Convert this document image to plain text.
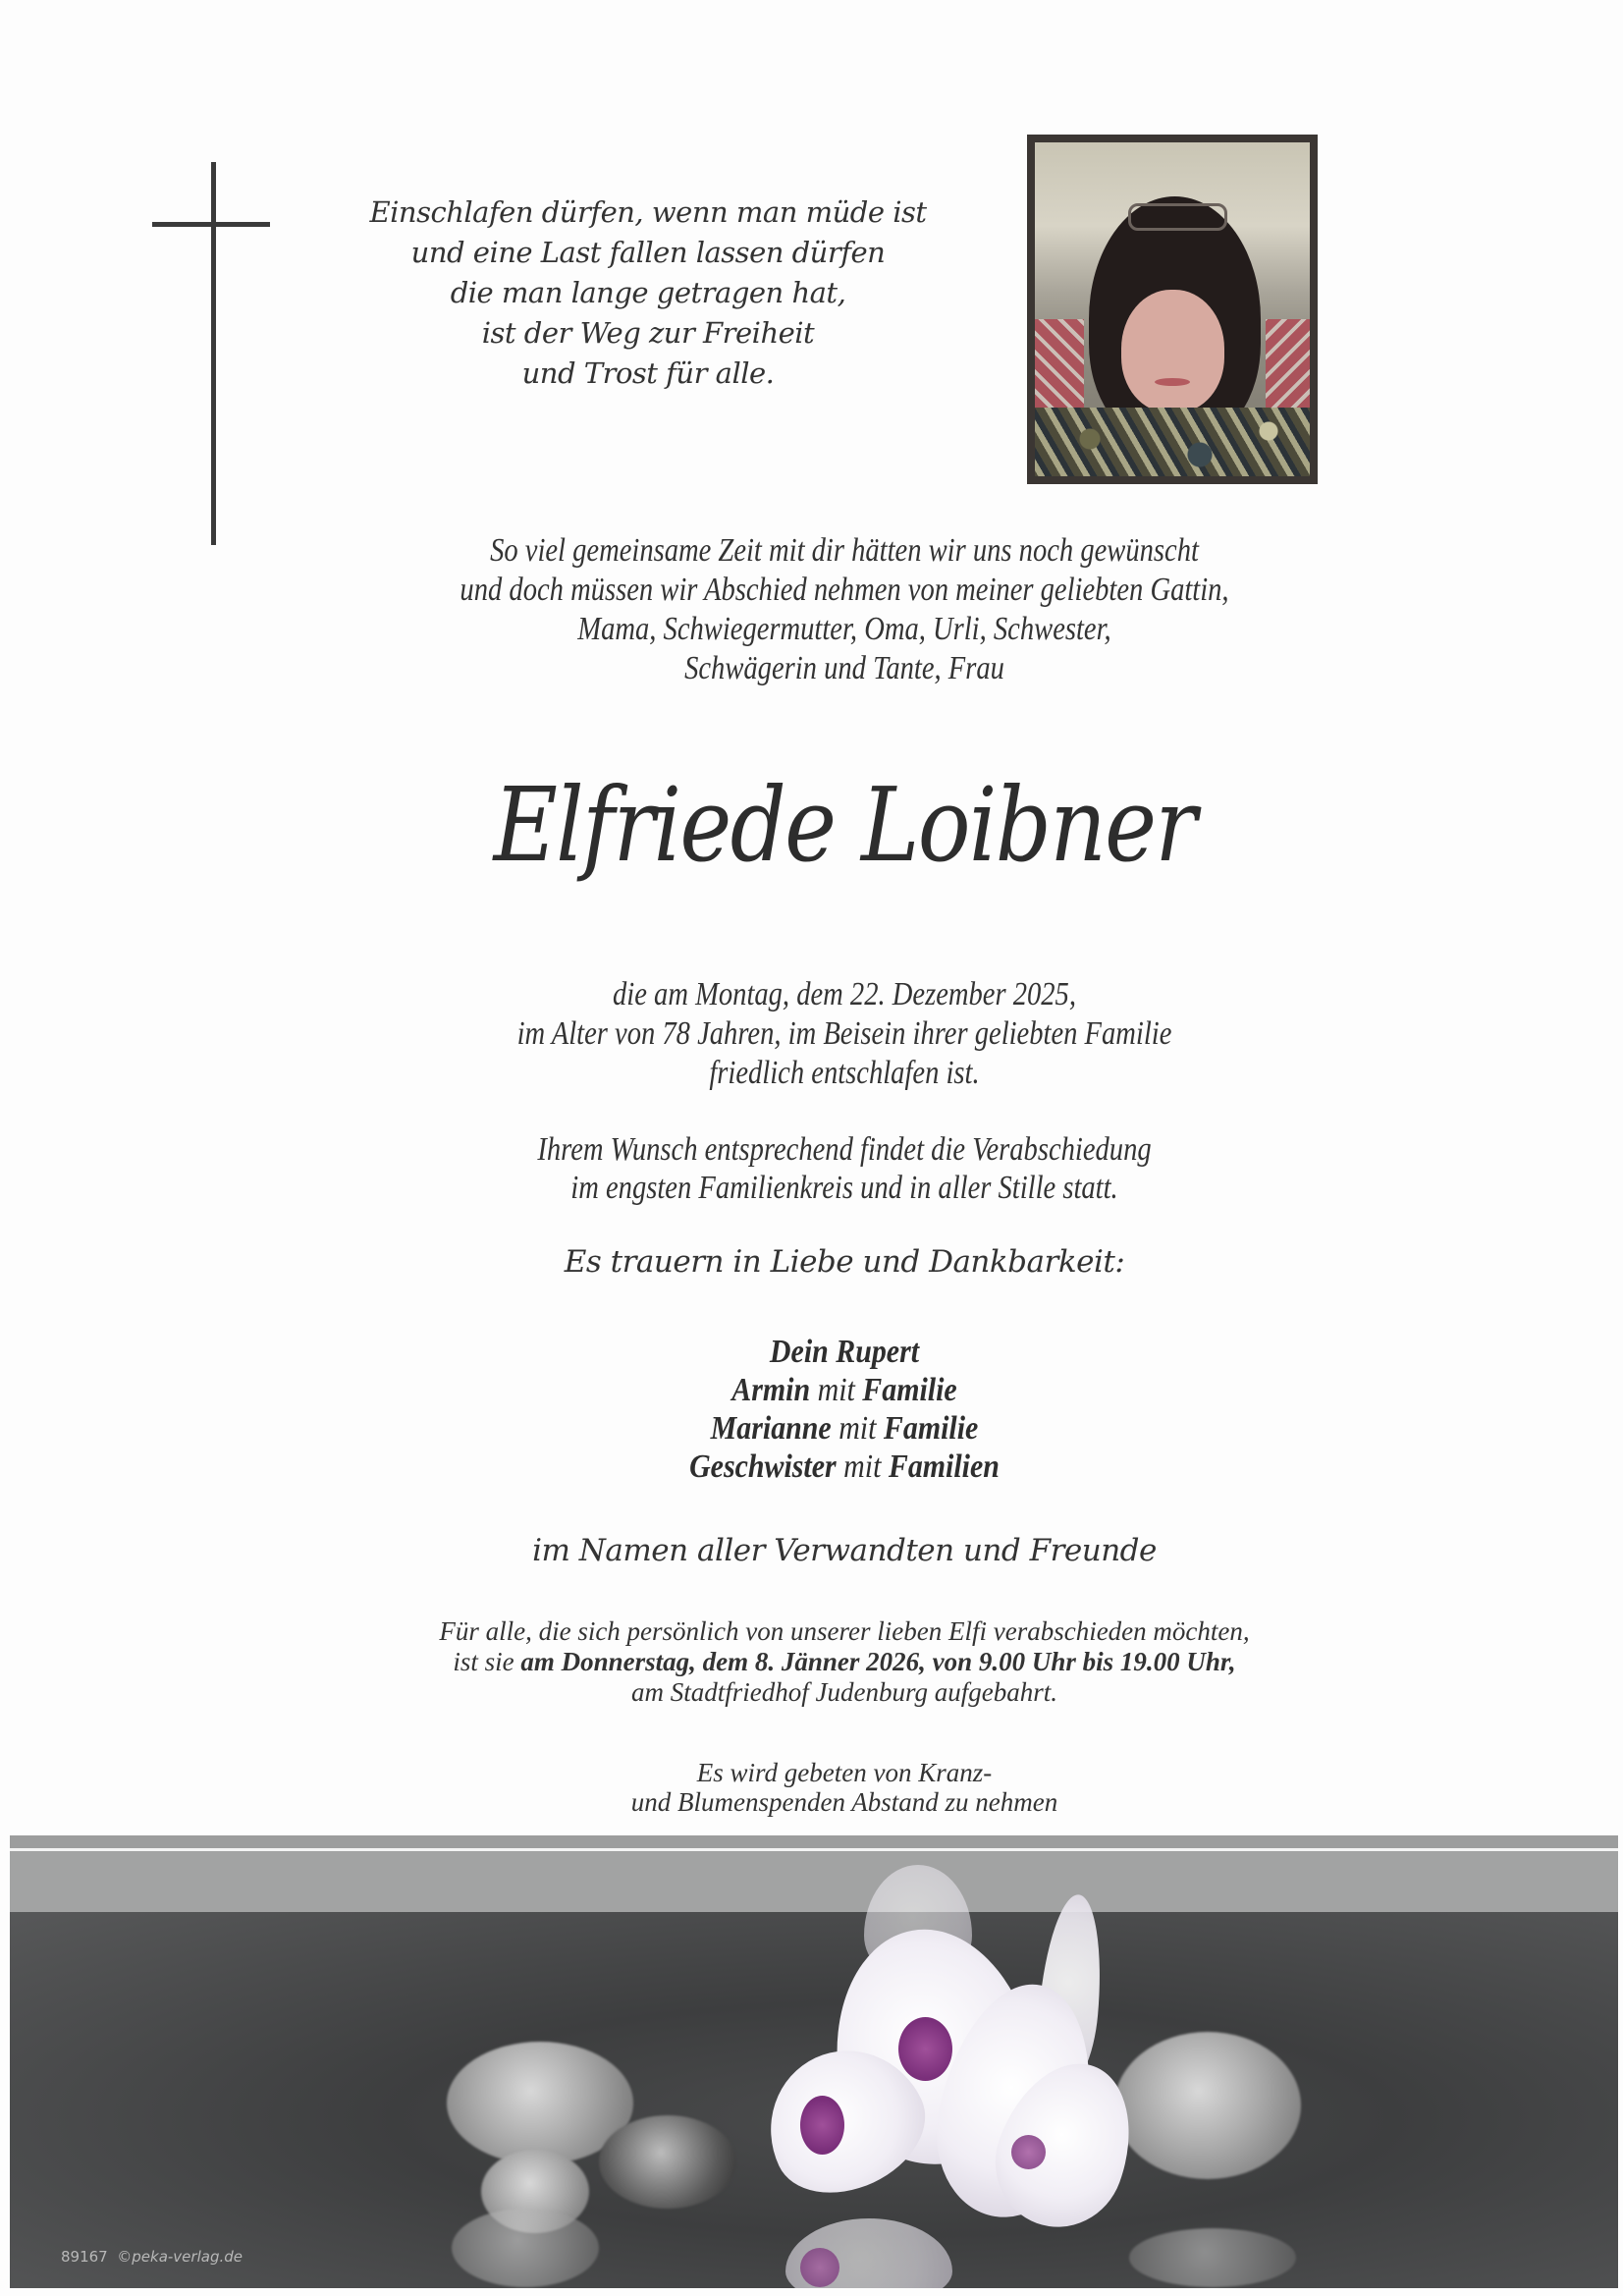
Einschlafen dürfen, wenn man müde ist
und eine Last fallen lassen dürfen
die man lange getragen hat,
ist der Weg zur Freiheit
und Trost für alle.
So viel gemeinsame Zeit mit dir hätten wir uns noch gewünscht
und doch müssen wir Abschied nehmen von meiner geliebten Gattin,
Mama, Schwiegermutter, Oma, Urli, Schwester,
Schwägerin und Tante, Frau
Elfriede Loibner
die am Montag, dem 22. Dezember 2025,
im Alter von 78 Jahren, im Beisein ihrer geliebten Familie
friedlich entschlafen ist.
Ihrem Wunsch entsprechend findet die Verabschiedung
im engsten Familienkreis und in aller Stille statt.
Es trauern in Liebe und Dankbarkeit:
Dein Rupert
Armin mit Familie
Marianne mit Familie
Geschwister mit Familien
im Namen aller Verwandten und Freunde
Für alle, die sich persönlich von unserer lieben Elfi verabschieden möchten,
ist sie am Donnerstag, dem 8. Jänner 2026, von 9.00 Uhr bis 19.00 Uhr,
am Stadtfriedhof Judenburg aufgebahrt.
Es wird gebeten von Kranz-
und Blumenspenden Abstand zu nehmen
89167 ©peka-verlag.de
